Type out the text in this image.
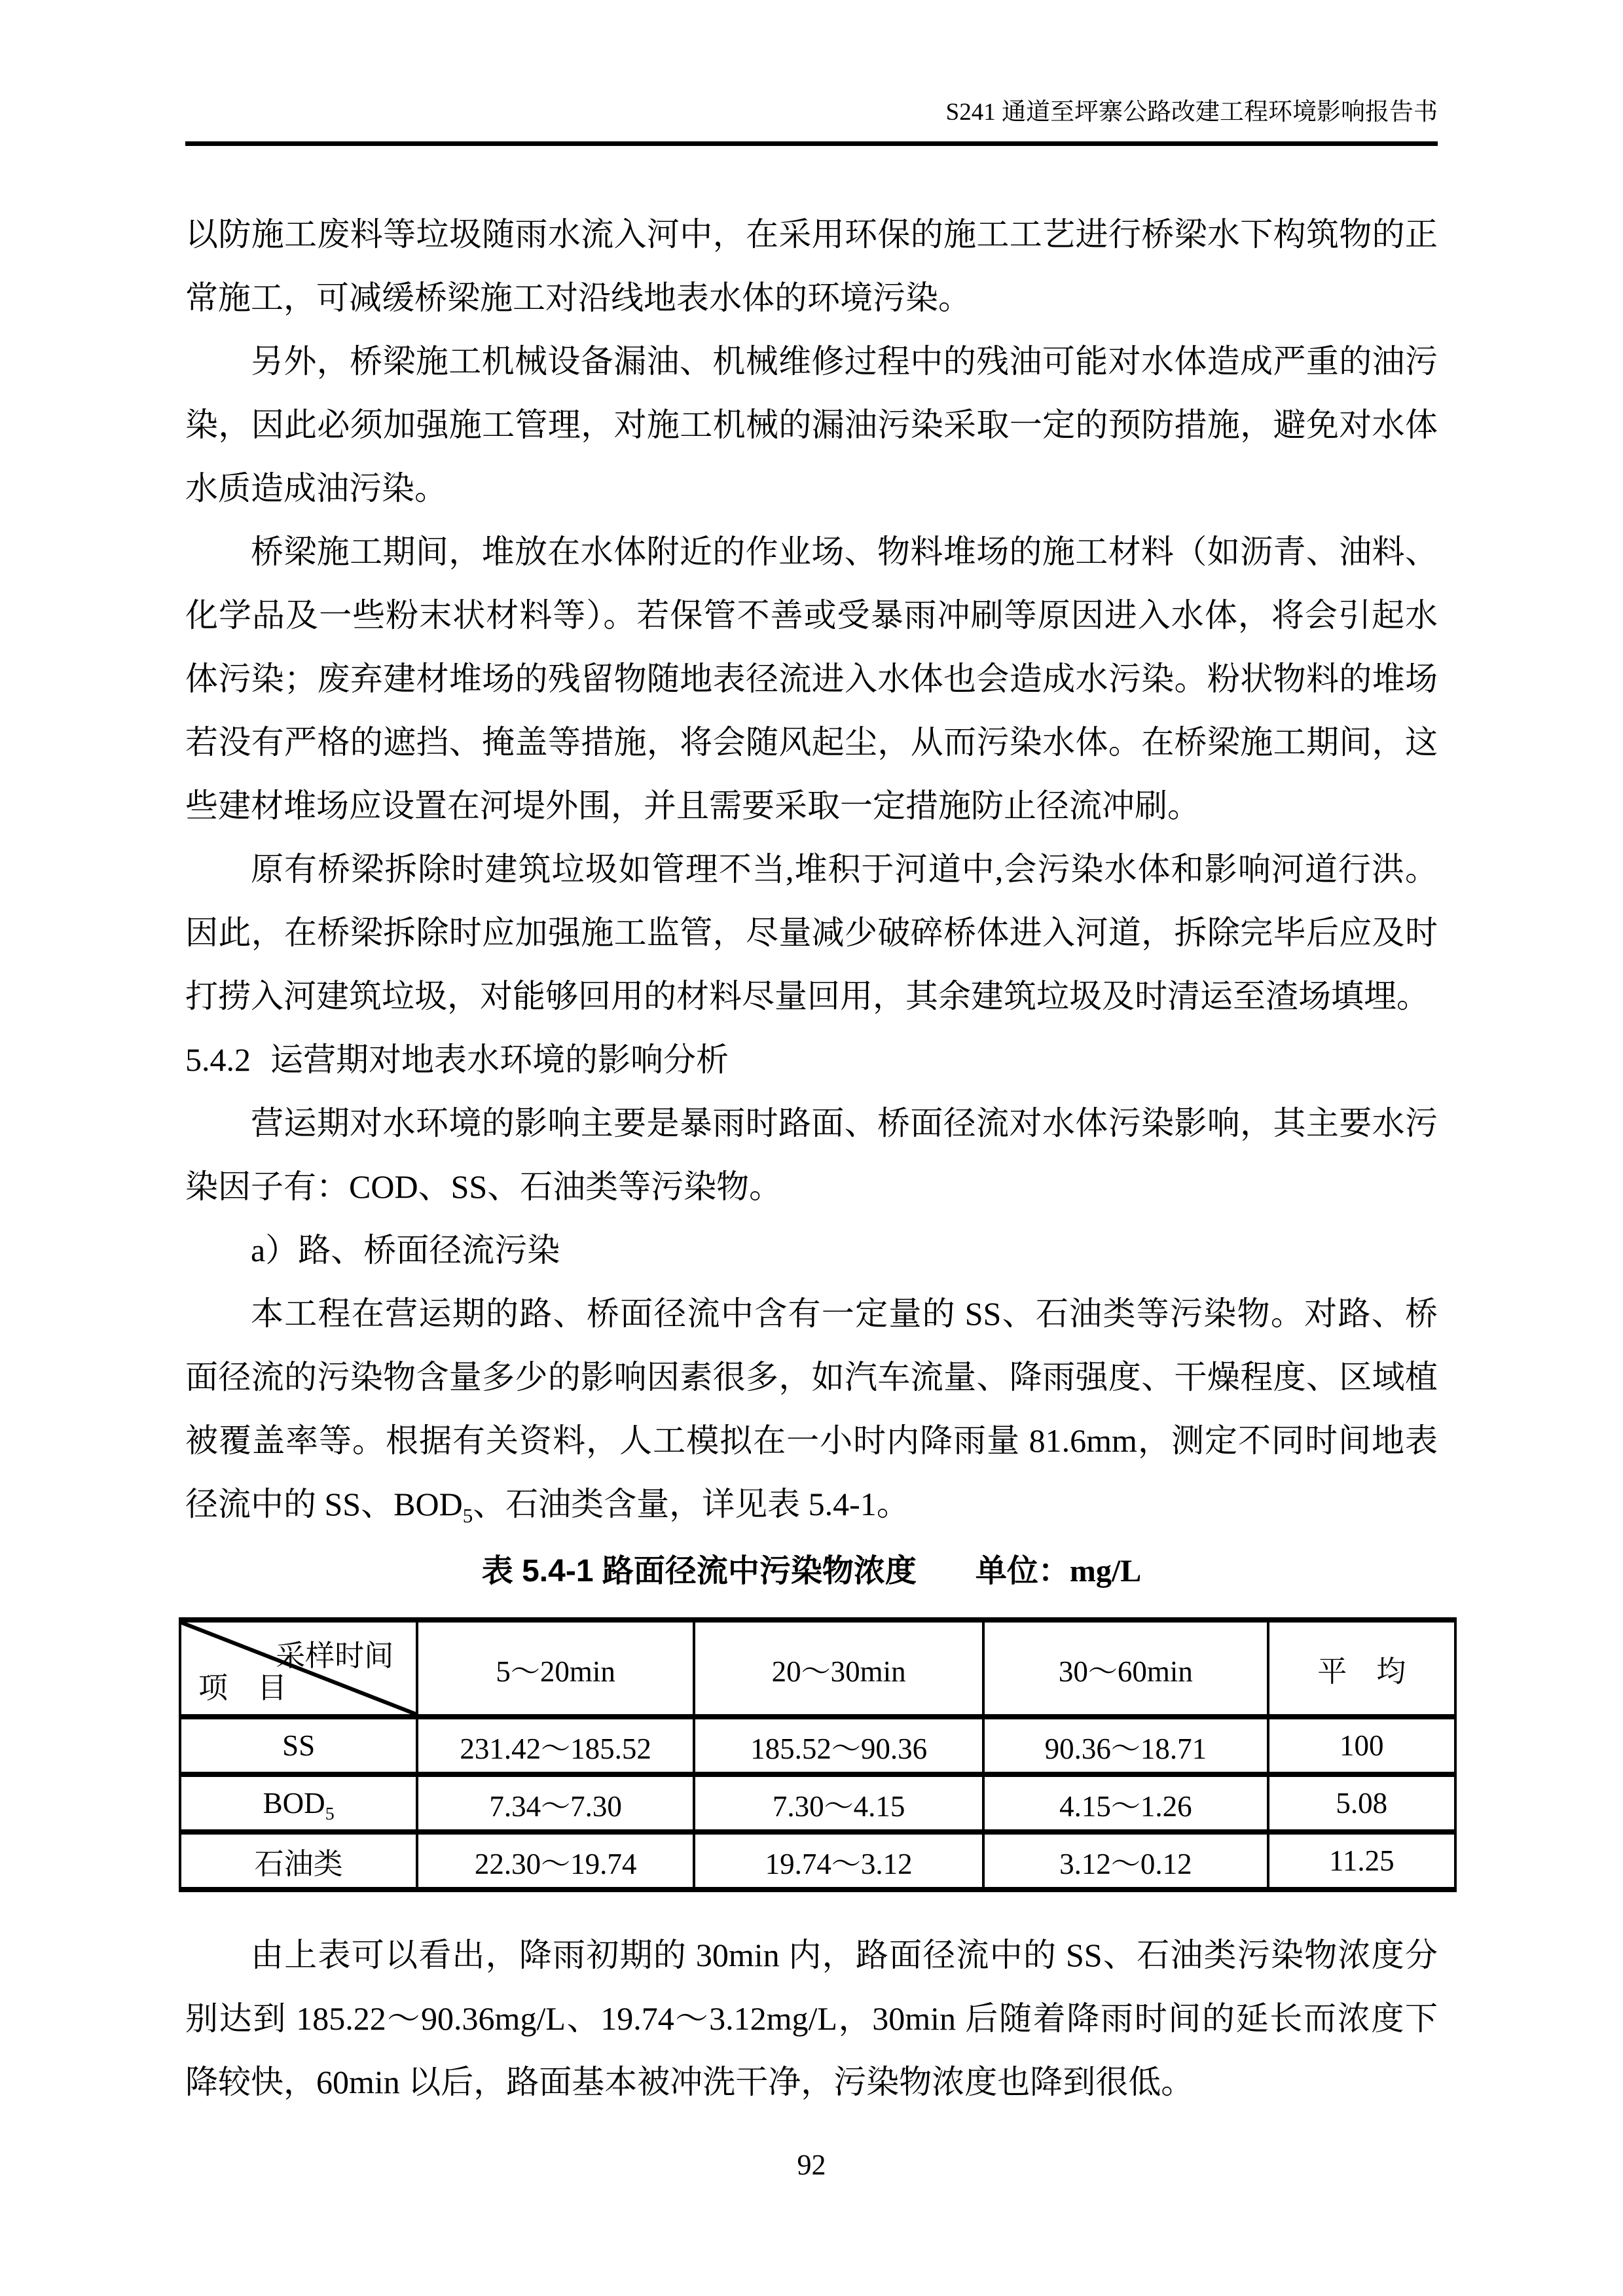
S241 通道至坪寨公路改建工程环境影响报告书

以防施工废料等垃圾随雨水流入河中，在采用环保的施工工艺进行桥梁水下构筑物的正常施工，可减缓桥梁施工对沿线地表水体的环境污染。

另外，桥梁施工机械设备漏油、机械维修过程中的残油可能对水体造成严重的油污染，因此必须加强施工管理，对施工机械的漏油污染采取一定的预防措施，避免对水体水质造成油污染。

桥梁施工期间，堆放在水体附近的作业场、物料堆场的施工材料（如沥青、油料、化学品及一些粉末状材料等）。若保管不善或受暴雨冲刷等原因进入水体，将会引起水体污染；废弃建材堆场的残留物随地表径流进入水体也会造成水污染。粉状物料的堆场若没有严格的遮挡、掩盖等措施，将会随风起尘，从而污染水体。在桥梁施工期间，这些建材堆场应设置在河堤外围，并且需要采取一定措施防止径流冲刷。

原有桥梁拆除时建筑垃圾如管理不当,堆积于河道中,会污染水体和影响河道行洪。因此，在桥梁拆除时应加强施工监管，尽量减少破碎桥体进入河道，拆除完毕后应及时打捞入河建筑垃圾，对能够回用的材料尽量回用，其余建筑垃圾及时清运至渣场填埋。

5.4.2 运营期对地表水环境的影响分析

营运期对水环境的影响主要是暴雨时路面、桥面径流对水体污染影响，其主要水污染因子有：COD、SS、石油类等污染物。

a）路、桥面径流污染

本工程在营运期的路、桥面径流中含有一定量的 SS、石油类等污染物。对路、桥面径流的污染物含量多少的影响因素很多，如汽车流量、降雨强度、干燥程度、区域植被覆盖率等。根据有关资料，人工模拟在一小时内降雨量 81.6mm，测定不同时间地表径流中的 SS、$BOD_5$、石油类含量，详见表 5.4-1。

表 5.4-1 路面径流中污染物浓度 单位：mg/L

采样时间
项　目	5～20min	20～30min	30～60min	平　均
SS	231.42～185.52	185.52～90.36	90.36～18.71	100
$BOD_5$	7.34～7.30	7.30～4.15	4.15～1.26	5.08
石油类	22.30～19.74	19.74～3.12	3.12～0.12	11.25

由上表可以看出，降雨初期的 30min 内，路面径流中的 SS、石油类污染物浓度分别达到 185.22～90.36mg/L、19.74～3.12mg/L，30min 后随着降雨时间的延长而浓度下降较快，60min 以后，路面基本被冲洗干净，污染物浓度也降到很低。

92
